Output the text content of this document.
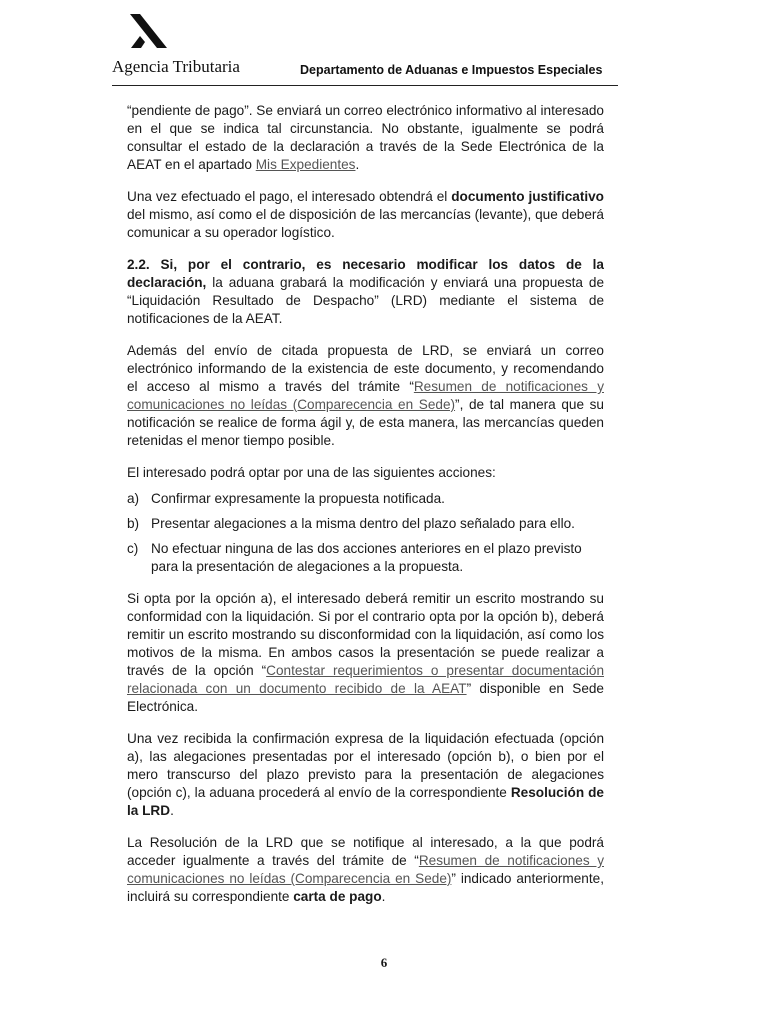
Agencia Tributaria	Departamento de Aduanas e Impuestos Especiales

“pendiente de pago”. Se enviará un correo electrónico informativo al interesado en el que se indica tal circunstancia. No obstante, igualmente se podrá consultar el estado de la declaración a través de la Sede Electrónica de la AEAT en el apartado Mis Expedientes.

Una vez efectuado el pago, el interesado obtendrá el documento justificativo del mismo, así como el de disposición de las mercancías (levante), que deberá comunicar a su operador logístico.

2.2. Si, por el contrario, es necesario modificar los datos de la declaración, la aduana grabará la modificación y enviará una propuesta de “Liquidación Resultado de Despacho” (LRD) mediante el sistema de notificaciones de la AEAT.

Además del envío de citada propuesta de LRD, se enviará un correo electrónico informando de la existencia de este documento, y recomendando el acceso al mismo a través del trámite “Resumen de notificaciones y comunicaciones no leídas (Comparecencia en Sede)”, de tal manera que su notificación se realice de forma ágil y, de esta manera, las mercancías queden retenidas el menor tiempo posible.

El interesado podrá optar por una de las siguientes acciones:

a) Confirmar expresamente la propuesta notificada.
b) Presentar alegaciones a la misma dentro del plazo señalado para ello.
c) No efectuar ninguna de las dos acciones anteriores en el plazo previsto para la presentación de alegaciones a la propuesta.

Si opta por la opción a), el interesado deberá remitir un escrito mostrando su conformidad con la liquidación. Si por el contrario opta por la opción b), deberá remitir un escrito mostrando su disconformidad con la liquidación, así como los motivos de la misma. En ambos casos la presentación se puede realizar a través de la opción “Contestar requerimientos o presentar documentación relacionada con un documento recibido de la AEAT” disponible en Sede Electrónica.

Una vez recibida la confirmación expresa de la liquidación efectuada (opción a), las alegaciones presentadas por el interesado (opción b), o bien por el mero transcurso del plazo previsto para la presentación de alegaciones (opción c), la aduana procederá al envío de la correspondiente Resolución de la LRD.

La Resolución de la LRD que se notifique al interesado, a la que podrá acceder igualmente a través del trámite de “Resumen de notificaciones y comunicaciones no leídas (Comparecencia en Sede)” indicado anteriormente, incluirá su correspondiente carta de pago.

6
